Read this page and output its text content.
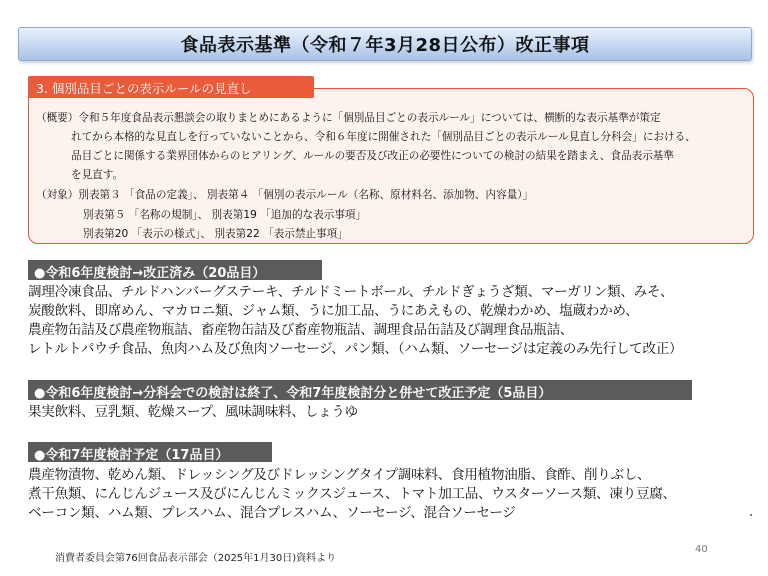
食品表示基準（令和７年3月28日公布）改正事項
3. 個別品目ごとの表示ルールの見直し
（概要）令和５年度食品表示懇談会の取りまとめにあるように「個別品目ごとの表示ルール」については、横断的な表示基準が策定
れてから本格的な見直しを行っていないことから、令和６年度に開催された「個別品目ごとの表示ルール見直し分科会」における、
品目ごとに関係する業界団体からのヒアリング、ルールの要否及び改正の必要性についての検討の結果を踏まえ、食品表示基準
を見直す。
（対象）別表第３ 「食品の定義」、 別表第４ 「個別の表示ルール（名称、原材料名、添加物、内容量）」
別表第５ 「名称の規制」、 別表第19 「追加的な表示事項」
別表第20 「表示の様式」、 別表第22 「表示禁止事項」
●令和6年度検討→改正済み（20品目）
調理冷凍食品、チルドハンバーグステーキ、チルドミートボール、チルドぎょうざ類、マーガリン類、みそ、
炭酸飲料、即席めん、マカロニ類、ジャム類、うに加工品、うにあえもの、乾燥わかめ、塩蔵わかめ、
農産物缶詰及び農産物瓶詰、畜産物缶詰及び畜産物瓶詰、調理食品缶詰及び調理食品瓶詰、
レトルトパウチ食品、魚肉ハム及び魚肉ソーセージ、パン類、（ハム類、ソーセージは定義のみ先行して改正）
●令和6年度検討→分科会での検討は終了、令和7年度検討分と併せて改正予定（5品目）
果実飲料、豆乳類、乾燥スープ、風味調味料、しょうゆ
●令和7年度検討予定（17品目）
農産物漬物、乾めん類、ドレッシング及びドレッシングタイプ調味料、食用植物油脂、食酢、削りぶし、
煮干魚類、にんじんジュース及びにんじんミックスジュース、トマト加工品、ウスターソース類、凍り豆腐、
ベーコン類、ハム類、プレスハム、混合プレスハム、ソーセージ、混合ソーセージ
消費者委員会第76回食品表示部会（2025年1月30日)資料より
40
